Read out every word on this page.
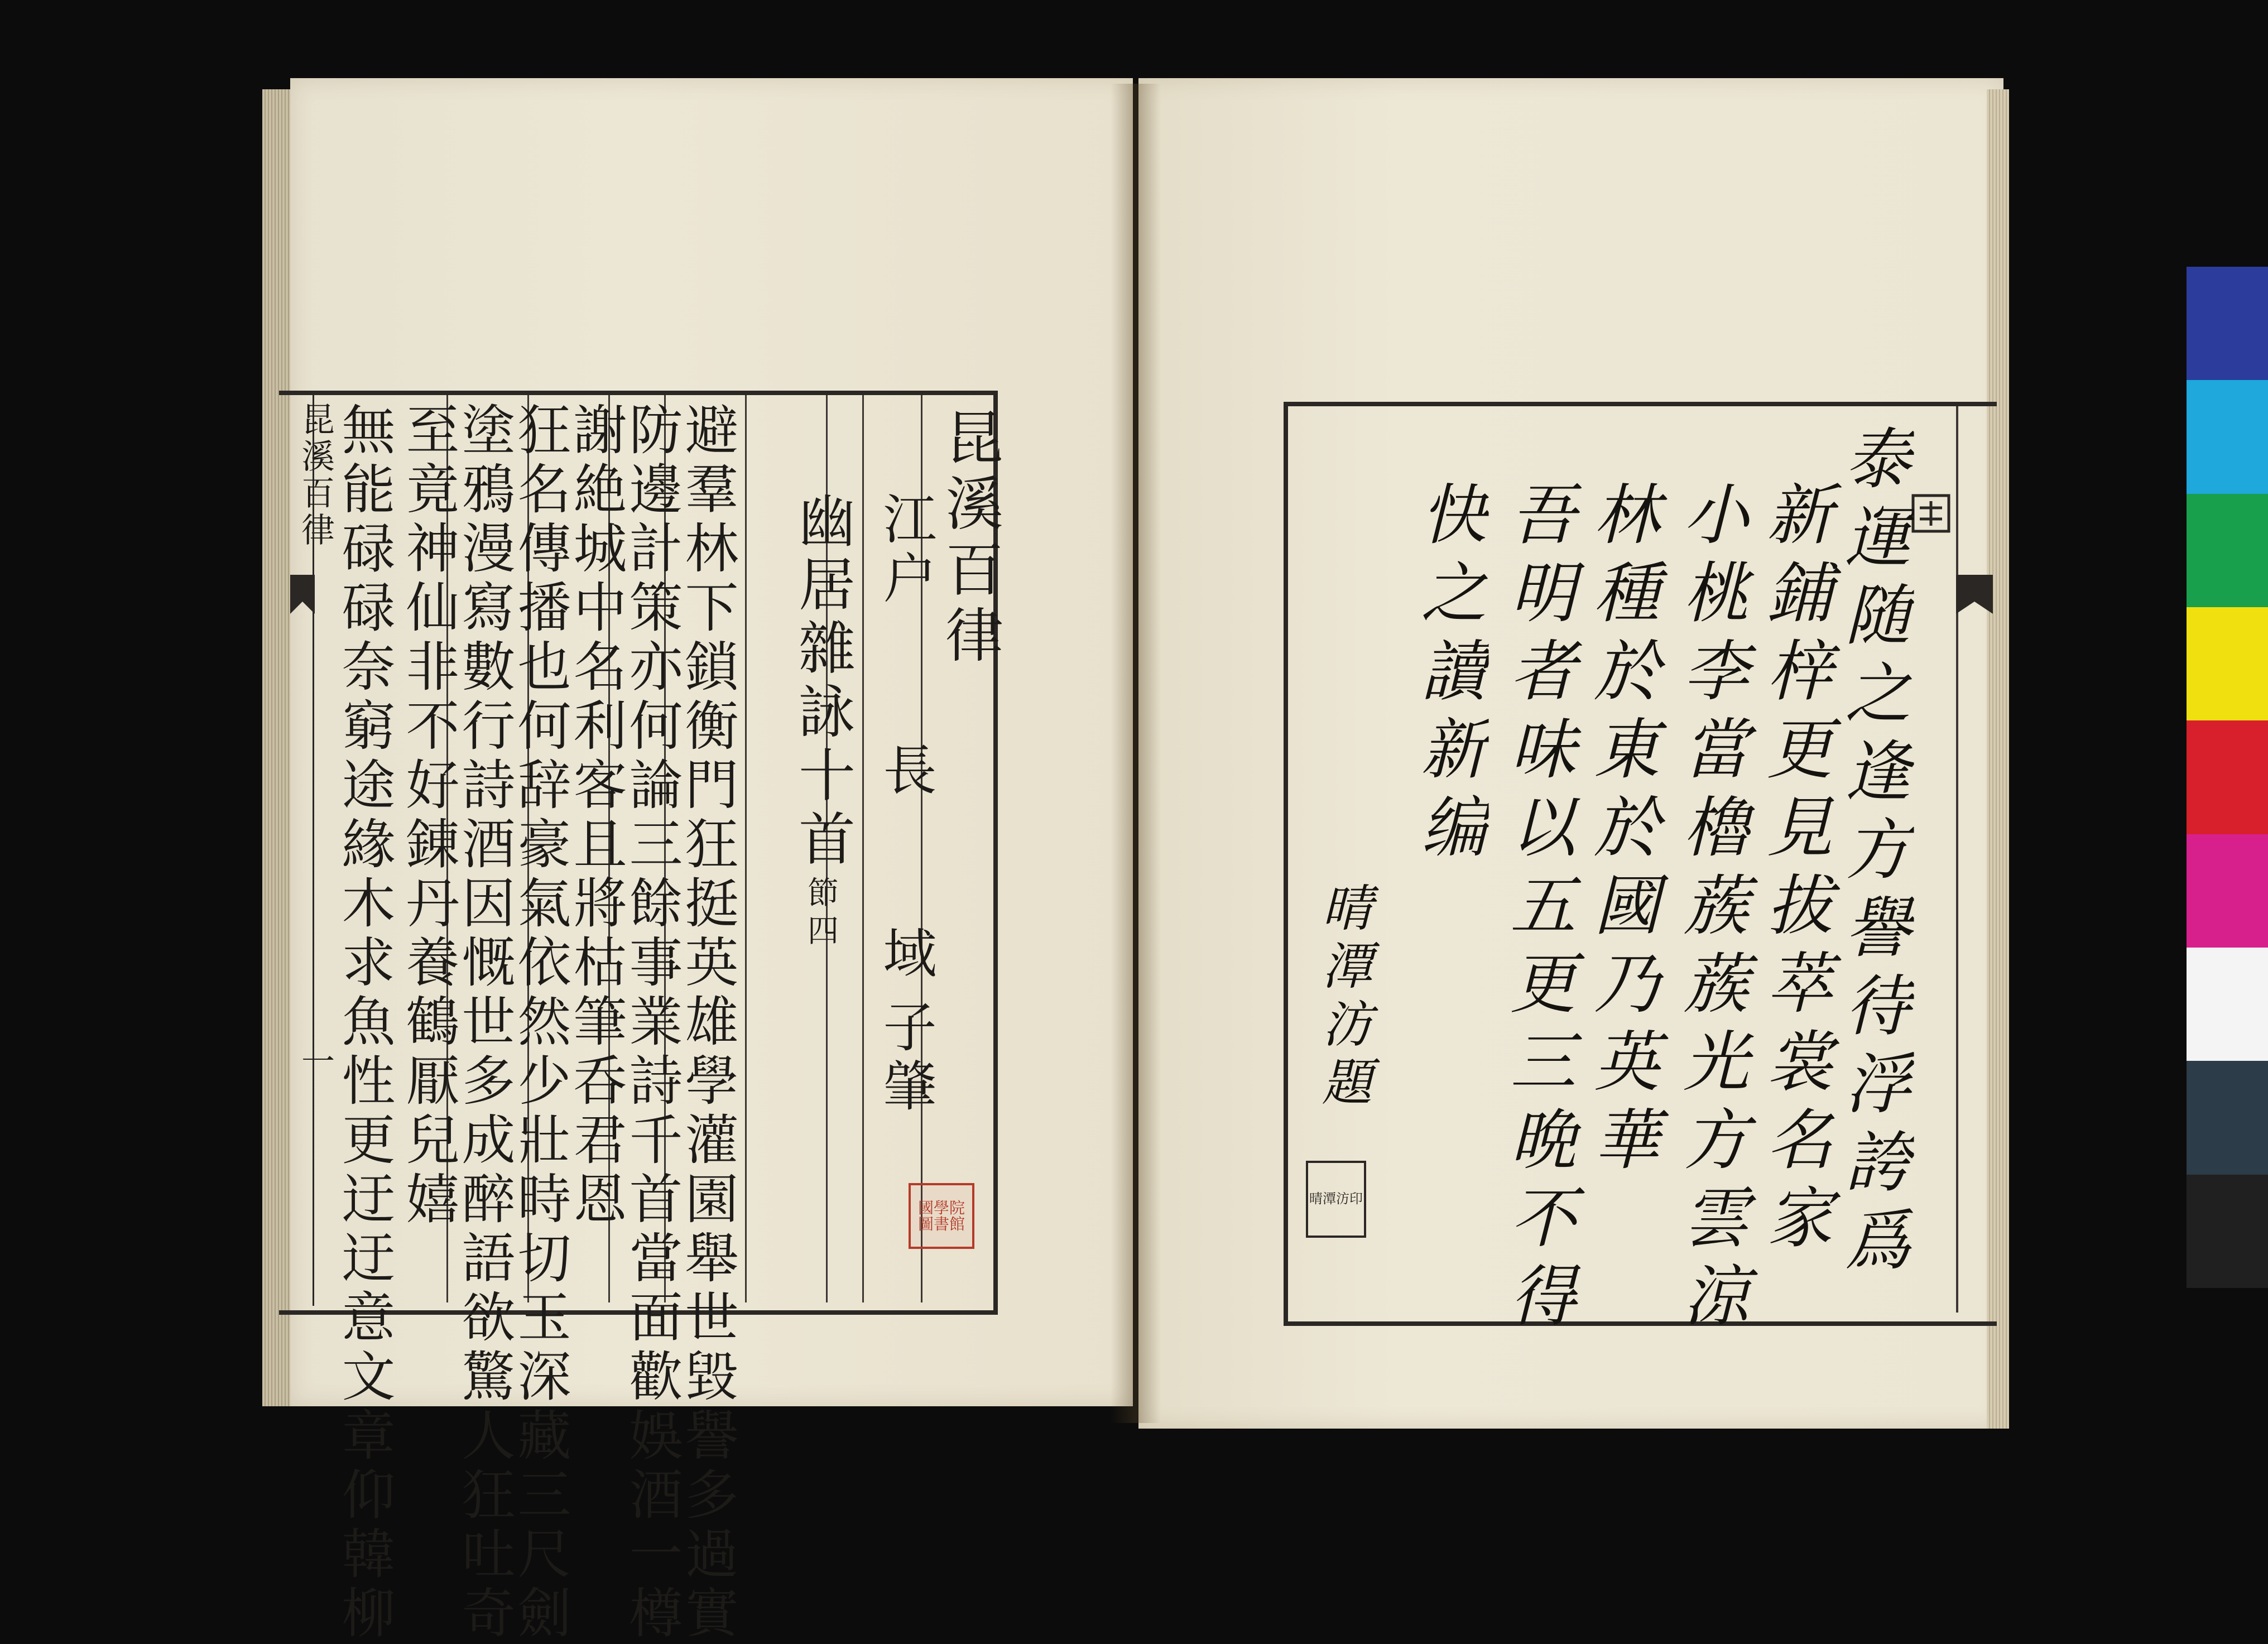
昆溪百律
一
昆溪百律
江户
長 域
子肇
幽居雜詠十首
節四
避羣林下鎖衡門狂挺英雄學灌園舉世毀譽多過實
防邊計策亦何論三餘事業詩千首當面歡娛酒一樽
謝絶城中名利客且將枯筆呑君恩
狂名傳播也何辞豪氣依然少壯時切玉深藏三尺劍
塗鴉漫寫數行詩酒因慨世多成醉語欲驚人狂吐奇
至竟神仙非不好錬丹養鶴厭兒嬉
無能碌碌奈窮途緣木求魚性更迂迂意文章仰韓柳	國學院圖書館	泰運随之逢方譽待浮誇爲
新鋪梓更見拔萃裳名家
小桃李當櫓蔟蔟光方雲涼
林種於東於國乃英華
吾明者味以五更三晩不得
快之讀新编
晴潭汸題
晴潭汸印
